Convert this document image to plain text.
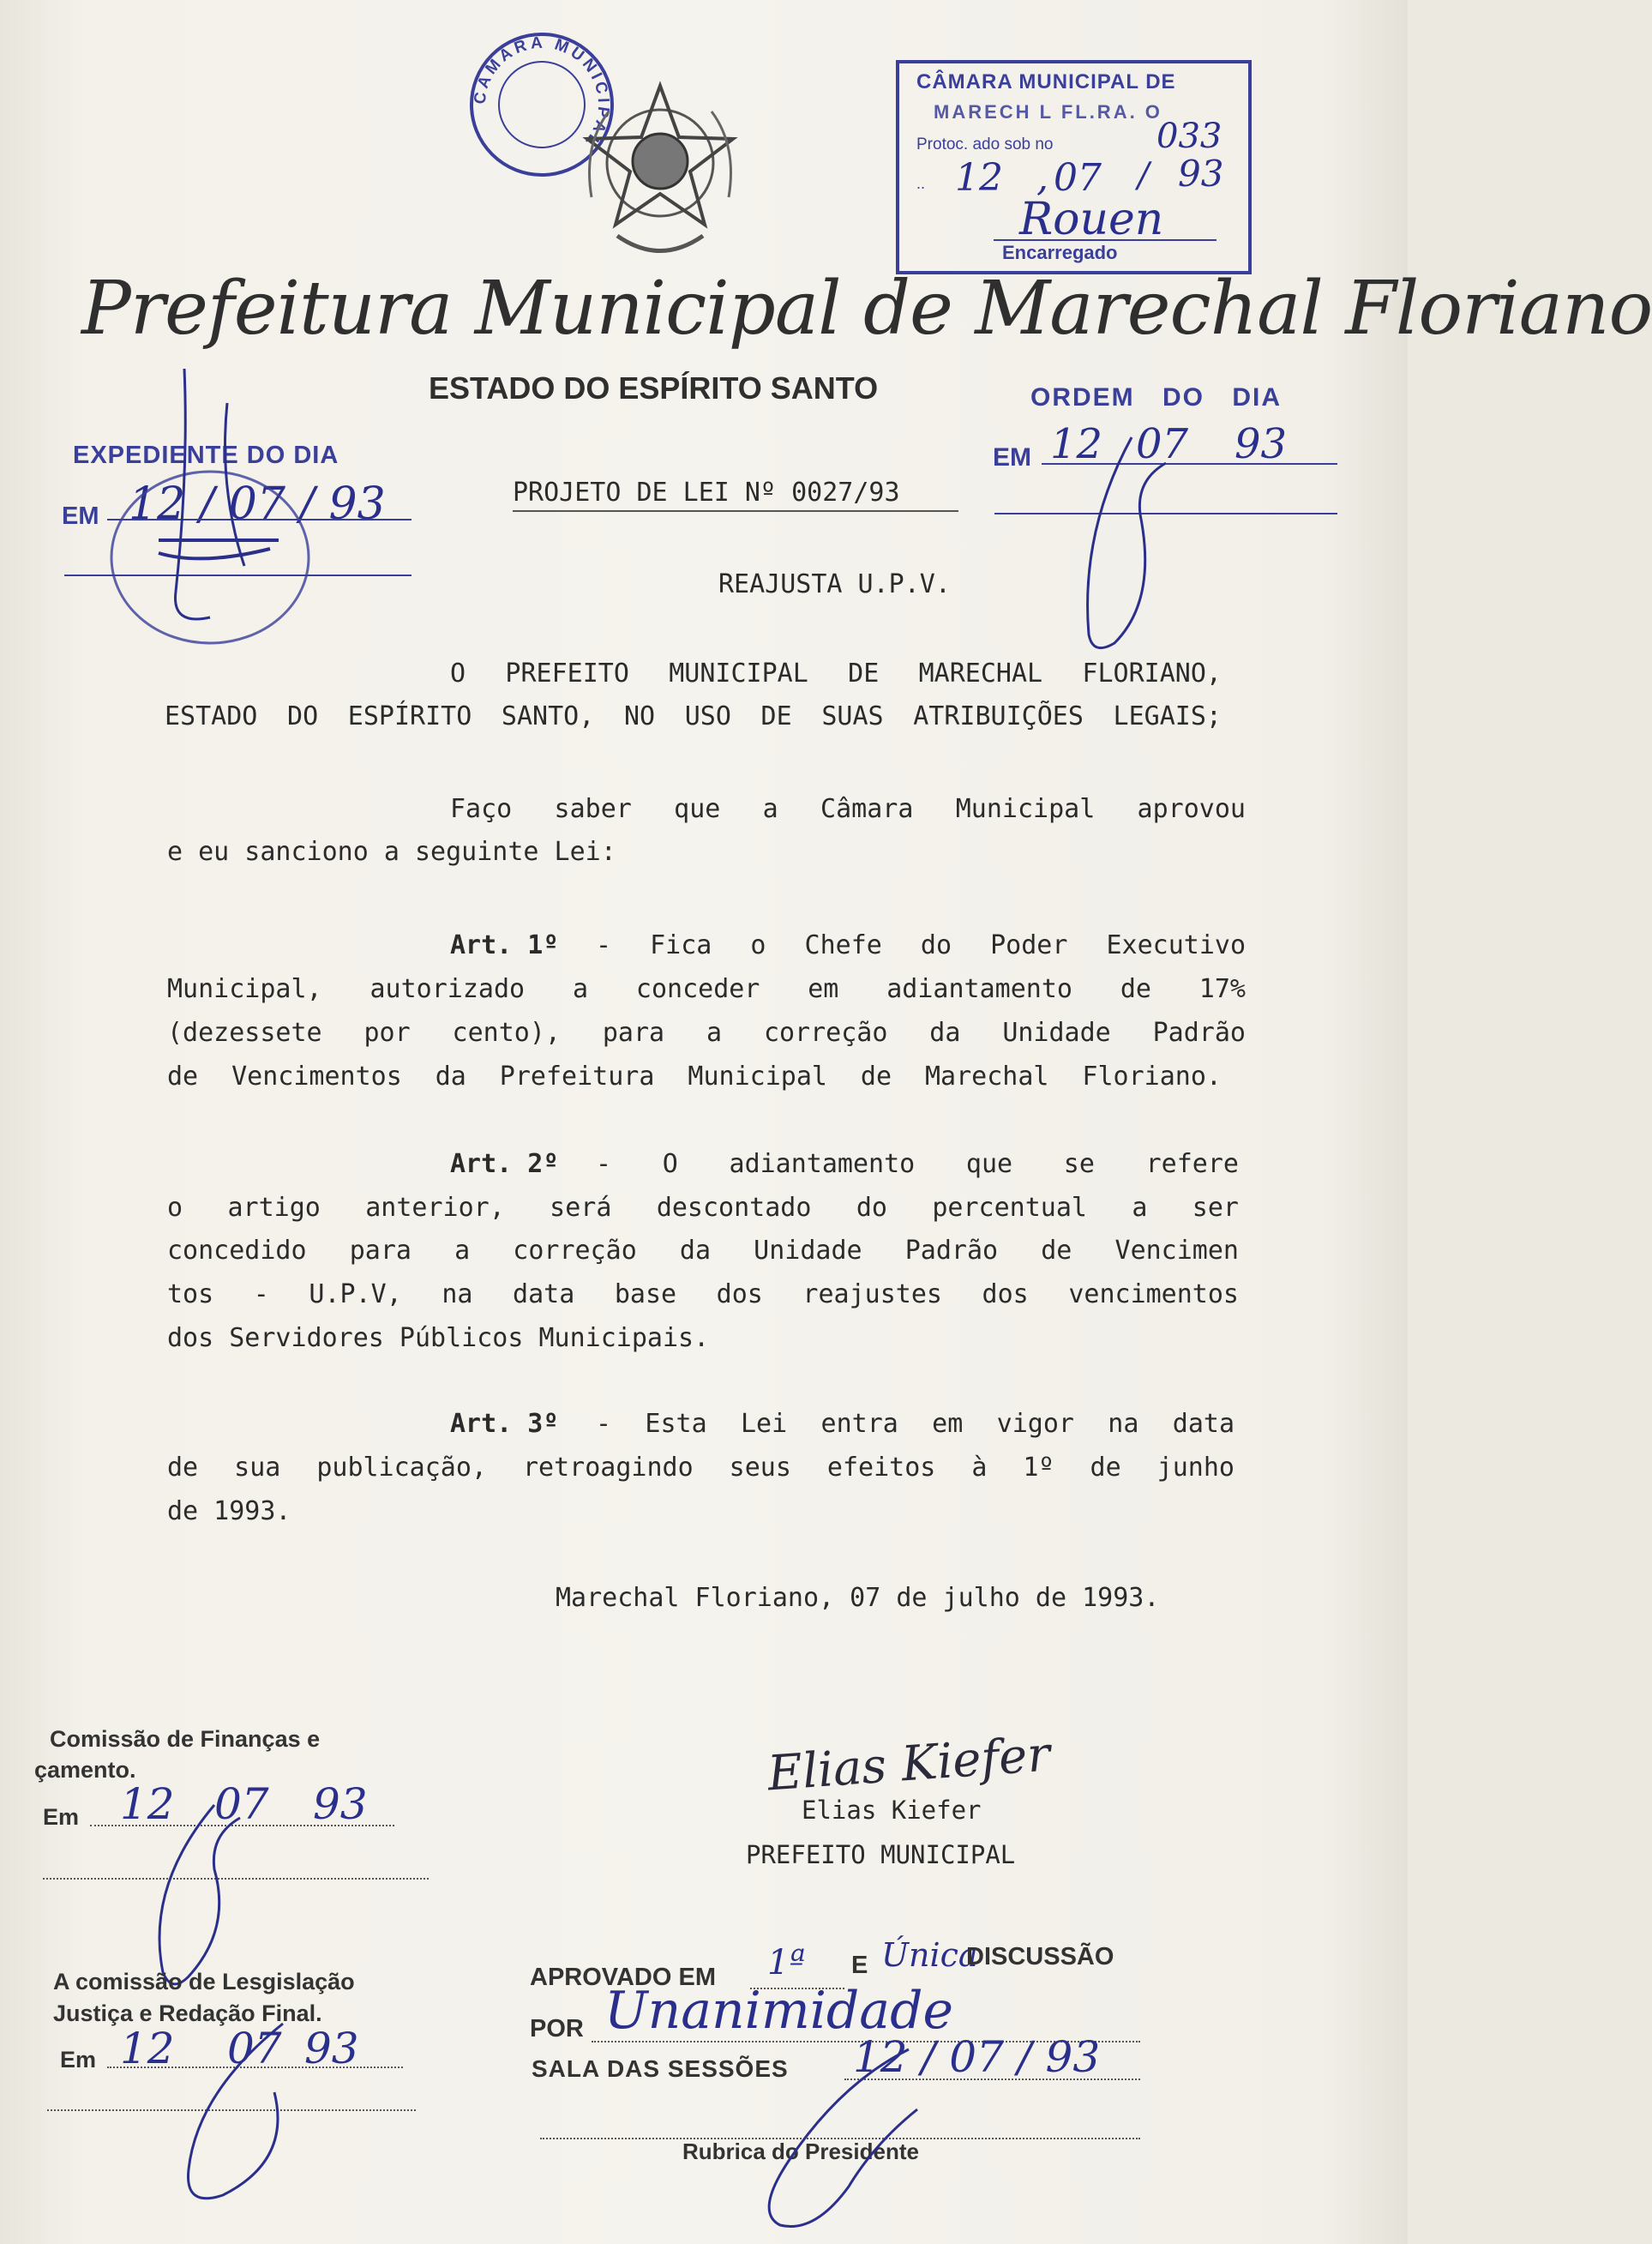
CÂMARA MUNICIPAL
CÂMARA MUNICIPAL DE
MARECH L FL.RA. O
Protoc. ado sob no	033
.. 12 , 07 / 93
Rouen
Encarregado
Prefeitura Municipal de Marechal Floriano
ESTADO DO ESPÍRITO SANTO
EXPEDIENTE DO DIA
EM 12 / 07 / 93
ORDEM DO DIA
EM 12 07 93
PROJETO DE LEI Nº 0027/93
REAJUSTA U.P.V.
O PREFEITO MUNICIPAL DE MARECHAL FLORIANO,
ESTADO DO ESPÍRITO SANTO, NO USO DE SUAS ATRIBUIÇÕES LEGAIS;
Faço saber que a Câmara Municipal aprovou
e eu sanciono a seguinte Lei:
Art. 1º - Fica o Chefe do Poder Executivo
Municipal, autorizado a conceder em adiantamento de 17%
(dezessete por cento), para a correção da Unidade Padrão
de Vencimentos da Prefeitura Municipal de Marechal Floriano.
Art. 2º - O adiantamento que se refere
o artigo anterior, será descontado do percentual a ser
concedido para a correção da Unidade Padrão de Vencimen
tos - U.P.V, na data base dos reajustes dos vencimentos
dos Servidores Públicos Municipais.
Art. 3º - Esta Lei entra em vigor na data
de sua publicação, retroagindo seus efeitos à 1º de junho
de 1993.
Marechal Floriano, 07 de julho de 1993.
Elias Kiefer
Elias Kiefer
PREFEITO MUNICIPAL
Comissão de Finanças e
çamento.
Em 12 07 93
A comissão de Lesgislação
Justiça e Redação Final.
Em 12 07 93
APROVADO EM 1ª E Única
DISCUSSÃO
POR Unanimidade
SALA DAS SESSÕES 12 / 07 / 93
Rubrica do Presidente
